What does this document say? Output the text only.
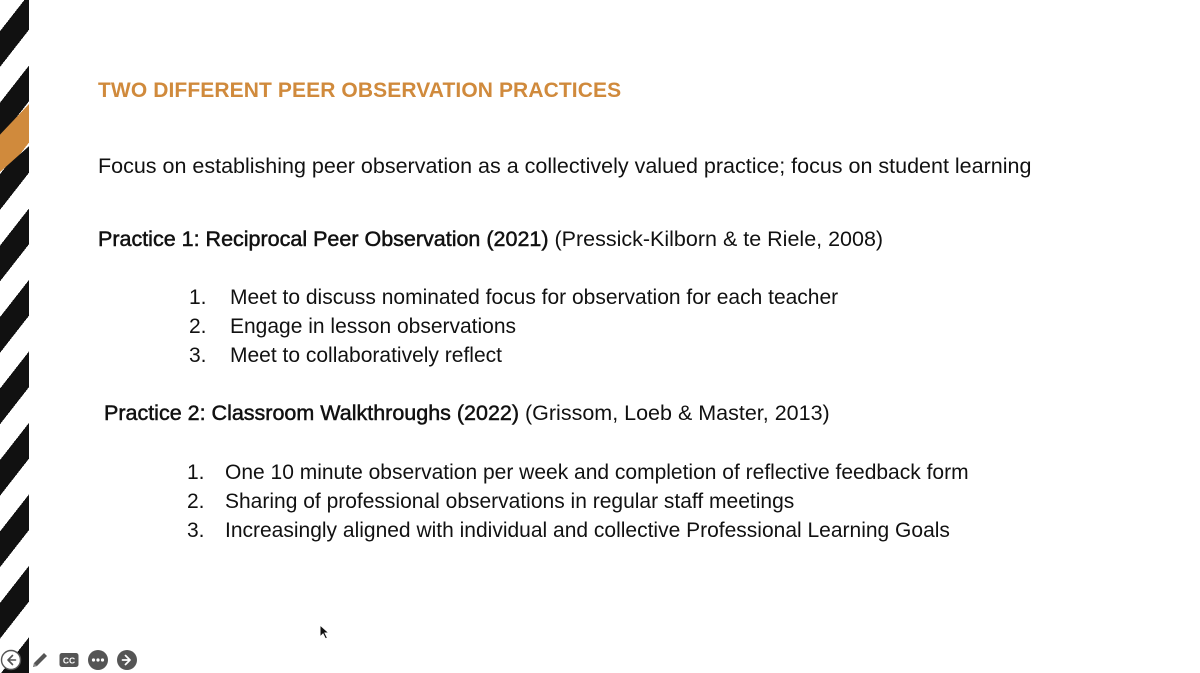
TWO DIFFERENT PEER OBSERVATION PRACTICES

Focus on establishing peer observation as a collectively valued practice; focus on student learning

Practice 1: Reciprocal Peer Observation (2021) (Pressick-Kilborn & te Riele, 2008)

1. Meet to discuss nominated focus for observation for each teacher
2. Engage in lesson observations
3. Meet to collaboratively reflect

Practice 2: Classroom Walkthroughs (2022) (Grissom, Loeb & Master, 2013)

1. One 10 minute observation per week and completion of reflective feedback form
2. Sharing of professional observations in regular staff meetings
3. Increasingly aligned with individual and collective Professional Learning Goals
CC
